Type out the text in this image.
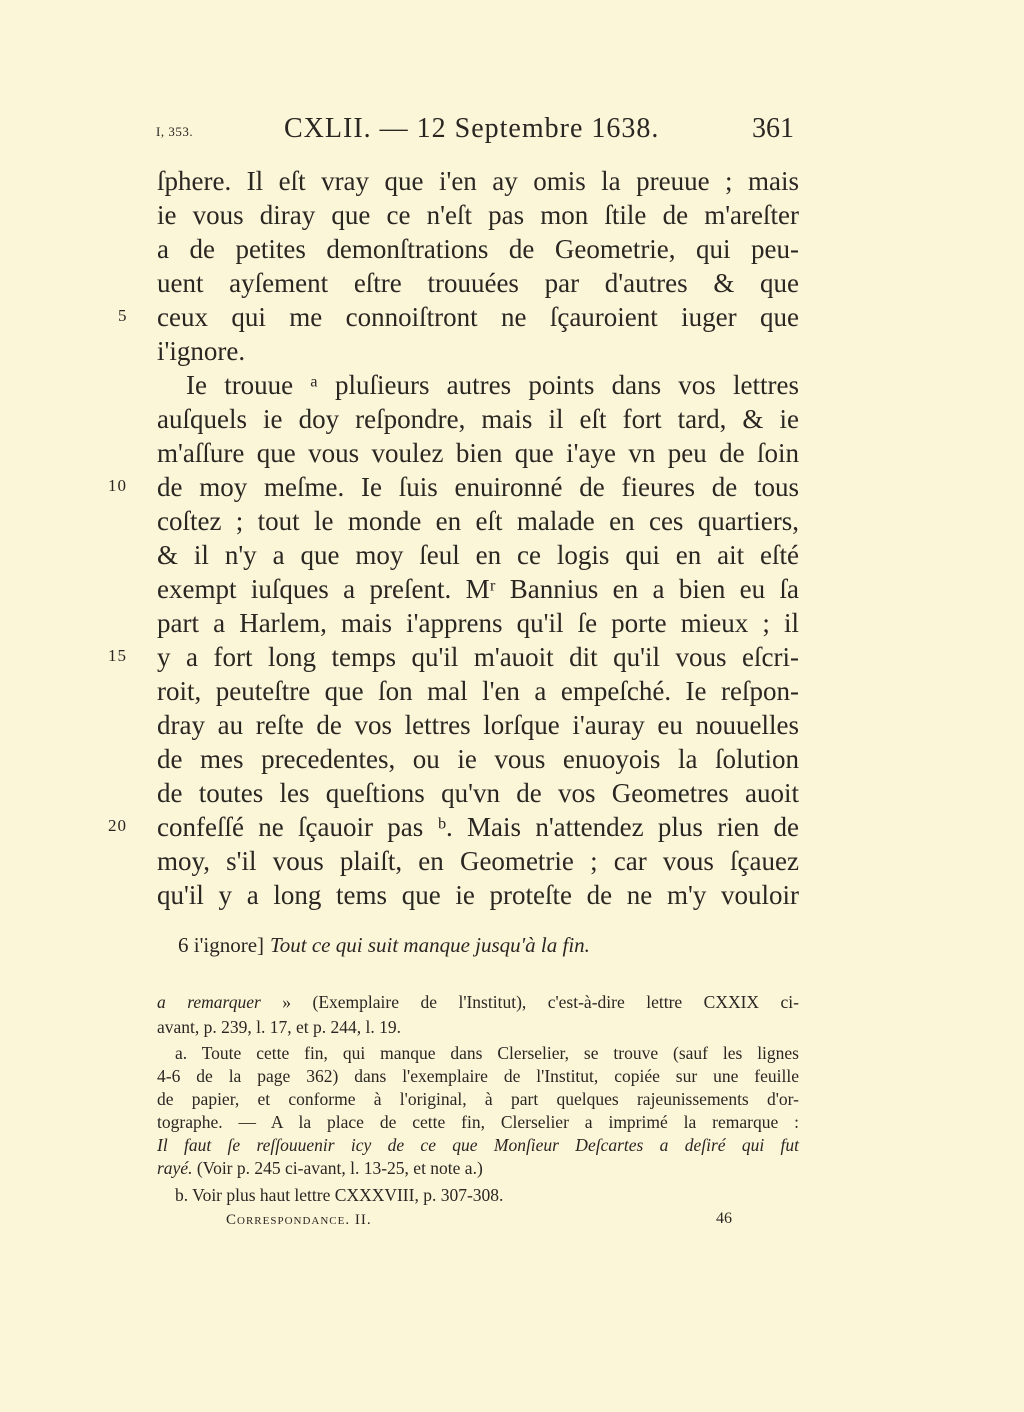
I, 353.	CXLII. — 12 Septembre 1638.	361
ſphere. Il eſt vray que i'en ay omis la preuue ; mais
ie vous diray que ce n'eſt pas mon ſtile de m'areſter
a de petites demonſtrations de Geometrie, qui peu-
uent ayſement eſtre trouuées par d'autres & que
ceux qui me connoiſtront ne ſçauroient iuger que
i'ignore.
Ie trouue ᵃ pluſieurs autres points dans vos lettres
auſquels ie doy reſpondre, mais il eſt fort tard, & ie
m'aſſure que vous voulez bien que i'aye vn peu de ſoin
de moy meſme. Ie ſuis enuironné de fieures de tous
coſtez ; tout le monde en eſt malade en ces quartiers,
& il n'y a que moy ſeul en ce logis qui en ait eſté
exempt iuſques a preſent. Mʳ Bannius en a bien eu ſa
part a Harlem, mais i'apprens qu'il ſe porte mieux ; il
y a fort long temps qu'il m'auoit dit qu'il vous eſcri-
roit, peuteſtre que ſon mal l'en a empeſché. Ie reſpon-
dray au reſte de vos lettres lorſque i'auray eu nouuelles
de mes precedentes, ou ie vous enuoyois la ſolution
de toutes les queſtions qu'vn de vos Geometres auoit
confeſſé ne ſçauoir pas ᵇ. Mais n'attendez plus rien de
moy, s'il vous plaiſt, en Geometrie ; car vous ſçauez
qu'il y a long tems que ie proteſte de ne m'y vouloir
5
10
15
20
6 i'ignore] Tout ce qui suit manque jusqu'à la fin.
a remarquer » (Exemplaire de l'Institut), c'est-à-dire lettre CXXIX ci-
avant, p. 239, l. 17, et p. 244, l. 19.
a. Toute cette fin, qui manque dans Clerselier, se trouve (sauf les lignes
4-6 de la page 362) dans l'exemplaire de l'Institut, copiée sur une feuille
de papier, et conforme à l'original, à part quelques rajeunissements d'or-
tographe. — A la place de cette fin, Clerselier a imprimé la remarque :
Il faut ſe reſſouuenir icy de ce que Monſieur Deſcartes a deſiré qui fut
rayé. (Voir p. 245 ci-avant, l. 13-25, et note a.)
b. Voir plus haut lettre CXXXVIII, p. 307-308.
Correspondance. II.	46
